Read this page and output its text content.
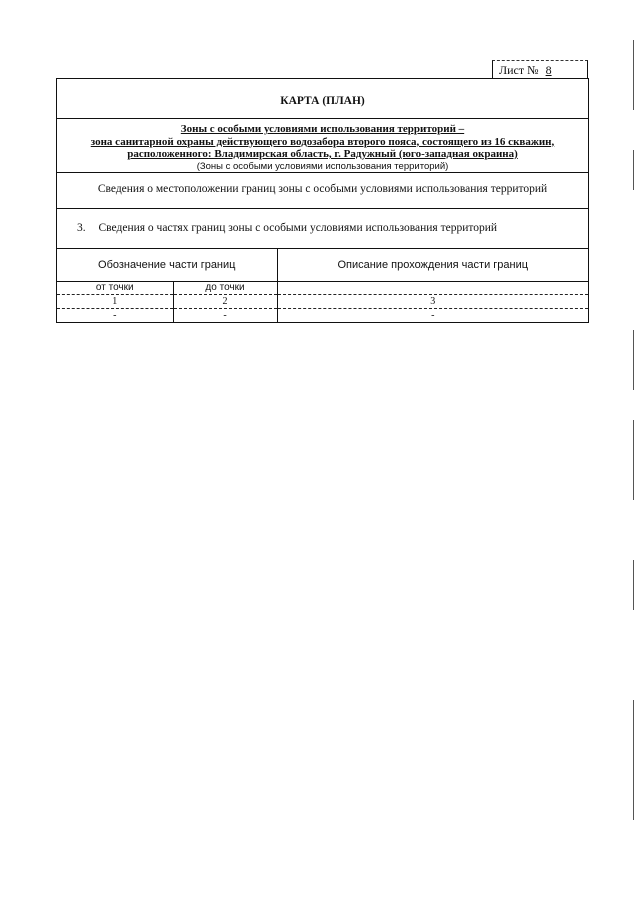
Лист № 8
КАРТА (ПЛАН)
Зоны с особыми условиями использования территорий –
зона санитарной охраны действующего водозабора второго пояса, состоящего из 16 скважин,
расположенного: Владимирская область, г. Радужный (юго-западная окраина)
(Зоны с особыми условиями использования территорий)
Сведения о местоположении границ зоны с особыми условиями использования территорий
3. Сведения о частях границ зоны с особыми условиями использования территорий
Обозначение части границ		Описание прохождения части границ
от точки	до точки	
1	2	3
-	-	-
